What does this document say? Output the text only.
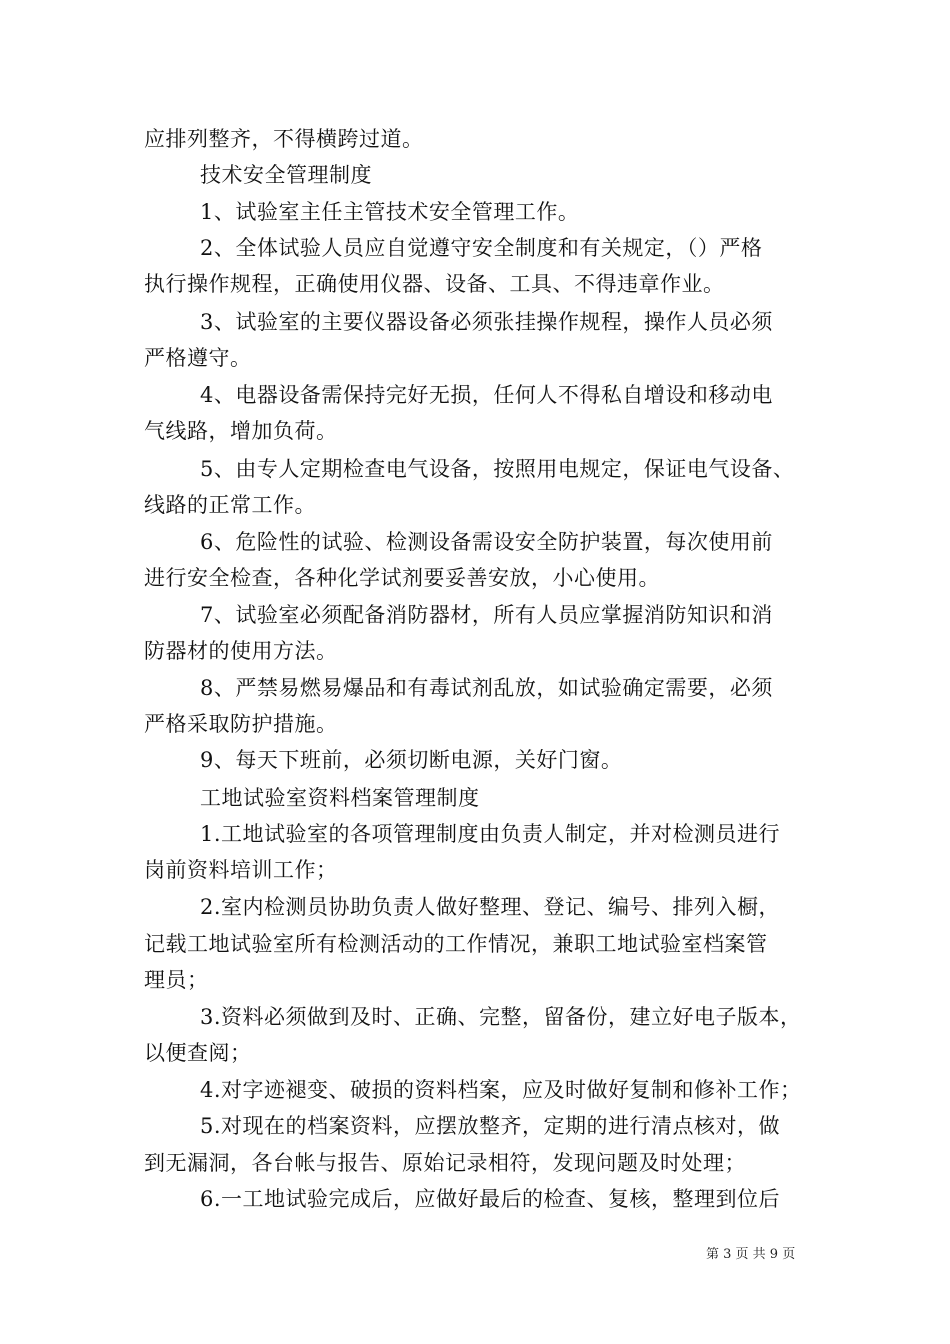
应排列整齐，不得横跨过道。
技术安全管理制度
1、试验室主任主管技术安全管理工作。
2、全体试验人员应自觉遵守安全制度和有关规定，（）严格
执行操作规程，正确使用仪器、设备、工具、不得违章作业。
3、试验室的主要仪器设备必须张挂操作规程，操作人员必须
严格遵守。
4、电器设备需保持完好无损，任何人不得私自增设和移动电
气线路，增加负荷。
5、由专人定期检查电气设备，按照用电规定，保证电气设备、
线路的正常工作。
6、危险性的试验、检测设备需设安全防护装置，每次使用前
进行安全检查，各种化学试剂要妥善安放，小心使用。
7、试验室必须配备消防器材，所有人员应掌握消防知识和消
防器材的使用方法。
8、严禁易燃易爆品和有毒试剂乱放，如试验确定需要，必须
严格采取防护措施。
9、每天下班前，必须切断电源，关好门窗。
工地试验室资料档案管理制度
1.工地试验室的各项管理制度由负责人制定，并对检测员进行
岗前资料培训工作；
2.室内检测员协助负责人做好整理、登记、编号、排列入橱，
记载工地试验室所有检测活动的工作情况，兼职工地试验室档案管
理员；
3.资料必须做到及时、正确、完整，留备份，建立好电子版本，
以便查阅；
4.对字迹褪变、破损的资料档案，应及时做好复制和修补工作；
5.对现在的档案资料，应摆放整齐，定期的进行清点核对，做
到无漏洞，各台帐与报告、原始记录相符，发现问题及时处理；
6.一工地试验完成后，应做好最后的检查、复核，整理到位后
第 3 页 共 9 页
